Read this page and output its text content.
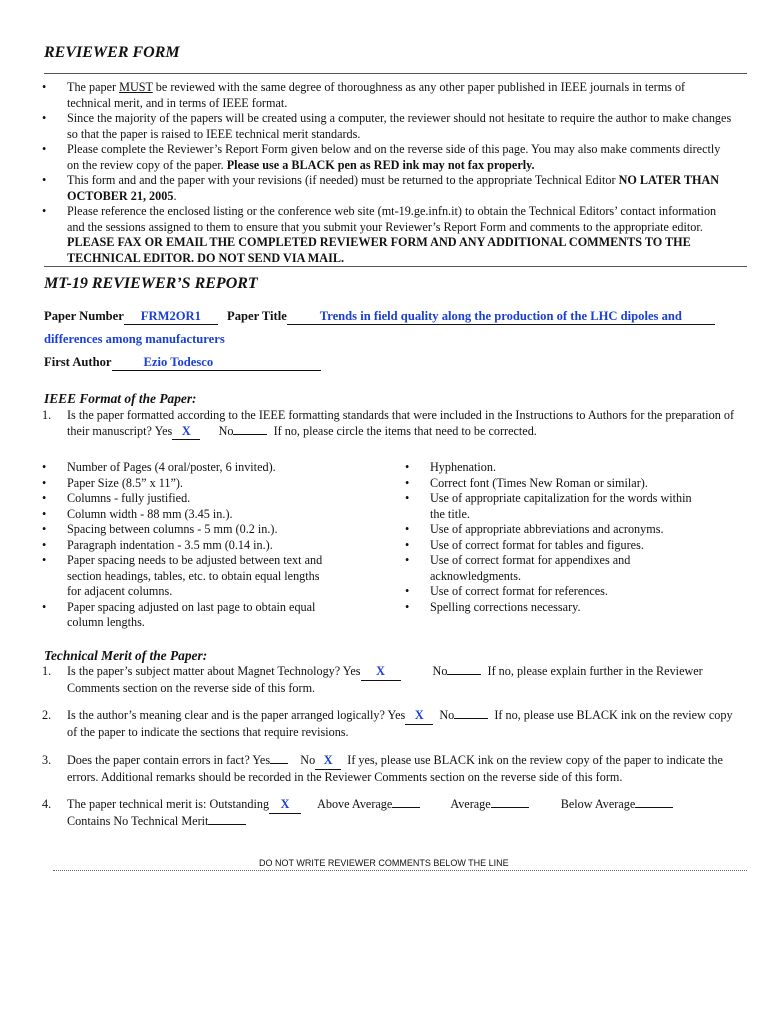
REVIEWER FORM
• The paper MUST be reviewed with the same degree of thoroughness as any other paper published in IEEE journals in terms of technical merit, and in terms of IEEE format.
• Since the majority of the papers will be created using a computer, the reviewer should not hesitate to require the author to make changes so that the paper is raised to IEEE technical merit standards.
• Please complete the Reviewer’s Report Form given below and on the reverse side of this page. You may also make comments directly on the review copy of the paper. Please use a BLACK pen as RED ink may not fax properly.
• This form and and the paper with your revisions (if needed) must be returned to the appropriate Technical Editor NO LATER THAN OCTOBER 21, 2005.
• Please reference the enclosed listing or the conference web site (mt-19.ge.infn.it) to obtain the Technical Editors’ contact information and the sessions assigned to them to ensure that you submit your Reviewer’s Report Form and comments to the appropriate editor. PLEASE FAX OR EMAIL THE COMPLETED REVIEWER FORM AND ANY ADDITIONAL COMMENTS TO THE TECHNICAL EDITOR. DO NOT SEND VIA MAIL.
MT-19 REVIEWER’S REPORT
Paper Number FRM2OR1	Paper Title	Trends in field quality along the production of the LHC dipoles and
differences among manufacturers
First Author	Ezio Todesco
IEEE Format of the Paper:
1. Is the paper formatted according to the IEEE formatting standards that were included in the Instructions to Authors for the preparation of their manuscript? Yes X No	If no, please circle the items that need to be corrected.
• Number of Pages (4 oral/poster, 6 invited).
• Paper Size (8.5” x 11”).
• Columns - fully justified.
• Column width - 88 mm (3.45 in.).
• Spacing between columns - 5 mm (0.2 in.).
• Paragraph indentation - 3.5 mm (0.14 in.).
• Paper spacing needs to be adjusted between text and section headings, tables, etc. to obtain equal lengths for adjacent columns.
• Paper spacing adjusted on last page to obtain equal column lengths.
• Hyphenation.
• Correct font (Times New Roman or similar).
• Use of appropriate capitalization for the words within the title.
• Use of appropriate abbreviations and acronyms.
• Use of correct format for tables and figures.
• Use of correct format for appendixes and acknowledgments.
• Use of correct format for references.
• Spelling corrections necessary.
Technical Merit of the Paper:
1. Is the paper’s subject matter about Magnet Technology? Yes X	No	If no, please explain further in the Reviewer Comments section on the reverse side of this form.
2. Is the author’s meaning clear and is the paper arranged logically? Yes X No	If no, please use BLACK ink on the review copy of the paper to indicate the sections that require revisions.
3. Does the paper contain errors in fact? Yes No X If yes, please use BLACK ink on the review copy of the paper to indicate the errors. Additional remarks should be recorded in the Reviewer Comments section on the reverse side of this form.
4. The paper technical merit is: Outstanding X Above Average	Average	Below Average
Contains No Technical Merit
DO NOT WRITE REVIEWER COMMENTS BELOW THE LINE
